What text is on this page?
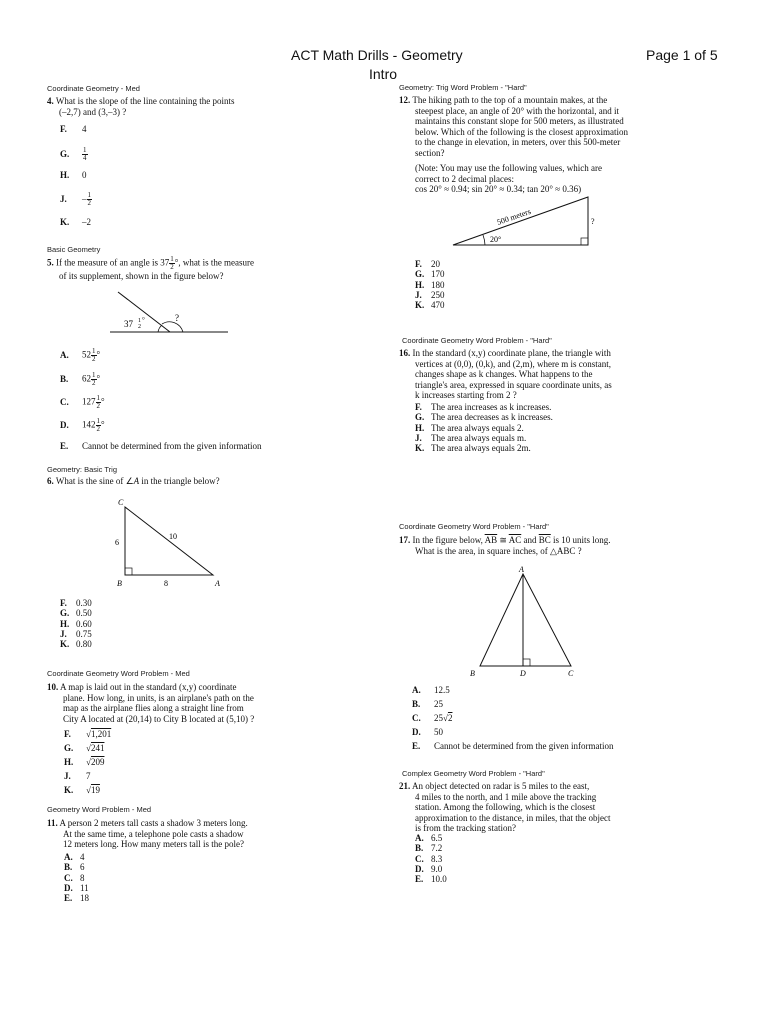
ACT Math Drills - Geometry
Intro
Page 1 of 5
Coordinate Geometry - Med
4. What is the slope of the line containing the points
(–2,7) and (3,–3) ?
F. 4
G. $\frac{1}{4}$
H. 0
J. – $\frac{1}{2}$
K. –2
Basic Geometry
5. If the measure of an angle is $37 \frac{1}{2}$ °, what is the measure
of its supplement, shown in the figure below?
37 1
2
°	?
A. $52 \frac{1}{2}$ °
B. $62 \frac{1}{2}$ °
C. $127 \frac{1}{2}$ °
D. $142 \frac{1}{2}$ °
E. Cannot be determined from the given information
Geometry: Basic Trig
6. What is the sine of ∠A in the triangle below?
C
B	A
6
10
8
F. 0.30
G. 0.50
H. 0.60
J. 0.75
K. 0.80
Coordinate Geometry Word Problem - Med
10. A map is laid out in the standard (x,y) coordinate
plane. How long, in units, is an airplane's path on the
map as the airplane flies along a straight line from
City A located at (20,14) to City B located at (5,10) ?
F. √1,201
G. √241
H. √209
J. 7
K. √19
Geometry Word Problem - Med
11. A person 2 meters tall casts a shadow 3 meters long.
At the same time, a telephone pole casts a shadow
12 meters long. How many meters tall is the pole?
A. 4
B. 6
C. 8
D. 11
E. 18
Geometry: Trig Word Problem - "Hard"
12. The hiking path to the top of a mountain makes, at the
steepest place, an angle of 20° with the horizontal, and it
maintains this constant slope for 500 meters, as illustrated
below. Which of the following is the closest approximation
to the change in elevation, in meters, over this 500-meter
section?
(Note: You may use the following values, which are
correct to 2 decimal places:
cos 20° ≈ 0.94; sin 20° ≈ 0.34; tan 20° ≈ 0.36)
500 meters
20°
?
F. 20
G. 170
H. 180
J. 250
K. 470
Coordinate Geometry Word Problem - "Hard"
16. In the standard (x,y) coordinate plane, the triangle with
vertices at (0,0), (0,k), and (2,m), where m is constant,
changes shape as k changes. What happens to the
triangle's area, expressed in square coordinate units, as
k increases starting from 2 ?
F. The area increases as k increases.
G. The area decreases as k increases.
H. The area always equals 2.
J. The area always equals m.
K. The area always equals 2m.
Coordinate Geometry Word Problem - "Hard"
17. In the figure below, $\overline{AB}$ ≅ $\overline{AC}$ and $\overline{BC}$ is 10 units long.
What is the area, in square inches, of △ABC ?
A
B	D	C
A. 12.5
B. 25
C. 25√2
D. 50
E. Cannot be determined from the given information
Complex Geometry Word Problem - "Hard"
21. An object detected on radar is 5 miles to the east,
4 miles to the north, and 1 mile above the tracking
station. Among the following, which is the closest
approximation to the distance, in miles, that the object
is from the tracking station?
A. 6.5
B. 7.2
C. 8.3
D. 9.0
E. 10.0
